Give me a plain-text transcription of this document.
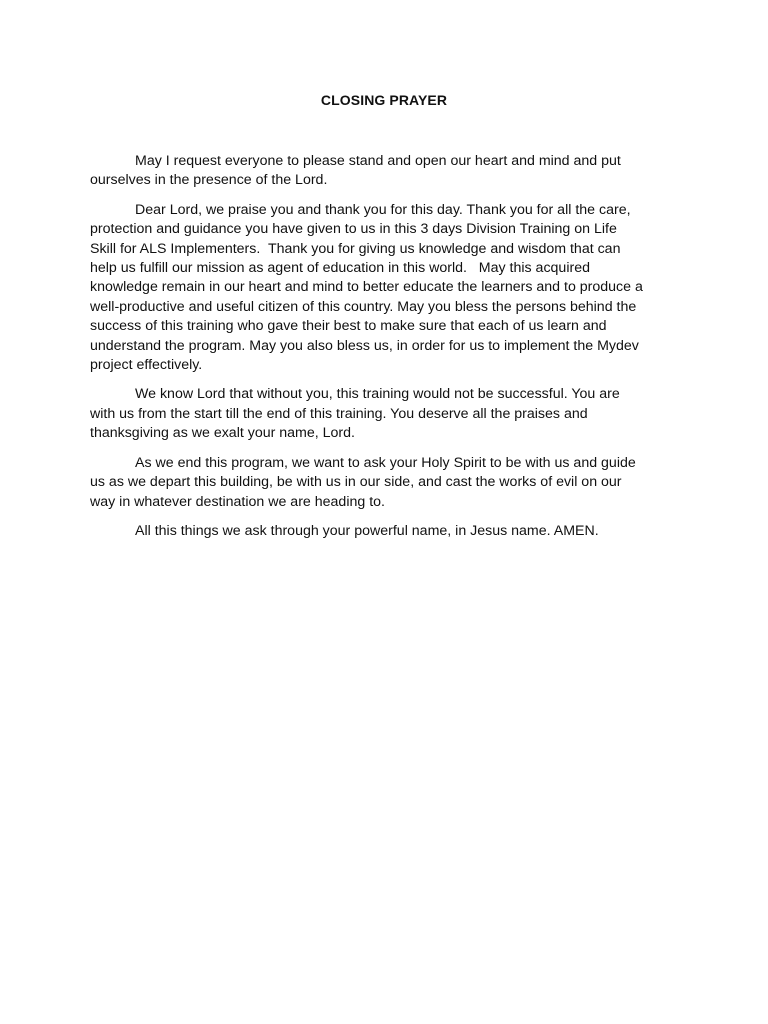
CLOSING PRAYER

May I request everyone to please stand and open our heart and mind and put
ourselves in the presence of the Lord.

Dear Lord, we praise you and thank you for this day. Thank you for all the care,
protection and guidance you have given to us in this 3 days Division Training on Life
Skill for ALS Implementers.  Thank you for giving us knowledge and wisdom that can
help us fulfill our mission as agent of education in this world.   May this acquired
knowledge remain in our heart and mind to better educate the learners and to produce a
well-productive and useful citizen of this country. May you bless the persons behind the
success of this training who gave their best to make sure that each of us learn and
understand the program. May you also bless us, in order for us to implement the Mydev
project effectively.

We know Lord that without you, this training would not be successful. You are
with us from the start till the end of this training. You deserve all the praises and
thanksgiving as we exalt your name, Lord.

As we end this program, we want to ask your Holy Spirit to be with us and guide
us as we depart this building, be with us in our side, and cast the works of evil on our
way in whatever destination we are heading to.

All this things we ask through your powerful name, in Jesus name. AMEN.
